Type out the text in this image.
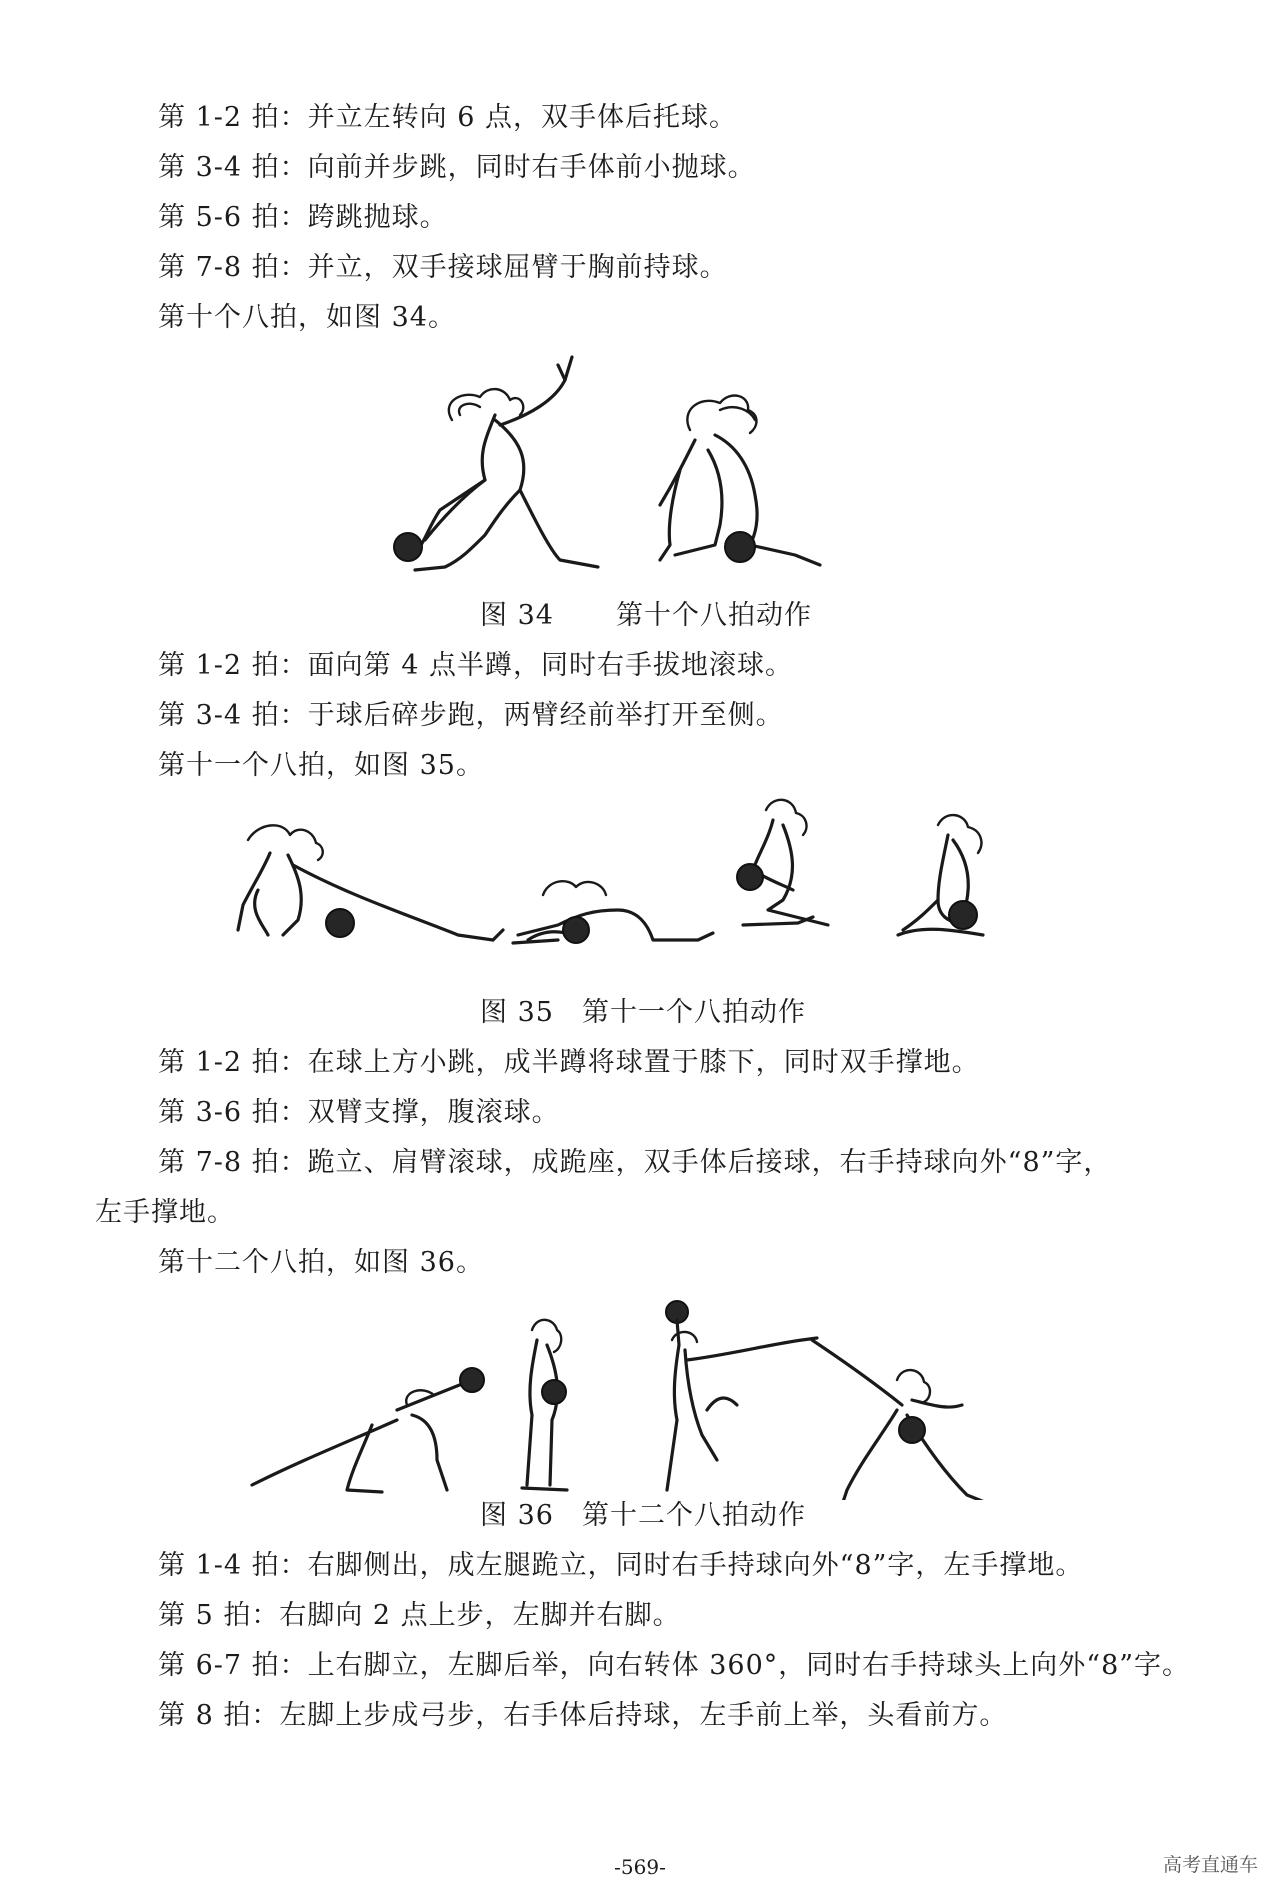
第 1-2 拍：并立左转向 6 点，双手体后托球。
第 3-4 拍：向前并步跳，同时右手体前小抛球。
第 5-6 拍：跨跳抛球。
第 7-8 拍：并立，双手接球屈臂于胸前持球。
第十个八拍，如图 34。
图 34 第十个八拍动作
第 1-2 拍：面向第 4 点半蹲，同时右手拔地滚球。
第 3-4 拍：于球后碎步跑，两臂经前举打开至侧。
第十一个八拍，如图 35。
图 35 第十一个八拍动作
第 1-2 拍：在球上方小跳，成半蹲将球置于膝下，同时双手撑地。
第 3-6 拍：双臂支撑，腹滚球。
第 7-8 拍：跪立、肩臂滚球，成跪座，双手体后接球，右手持球向外“8”字，
左手撑地。
第十二个八拍，如图 36。
图 36 第十二个八拍动作
第 1-4 拍：右脚侧出，成左腿跪立，同时右手持球向外“8”字，左手撑地。
第 5 拍：右脚向 2 点上步，左脚并右脚。
第 6-7 拍：上右脚立，左脚后举，向右转体 360°，同时右手持球头上向外“8”字。
第 8 拍：左脚上步成弓步，右手体后持球，左手前上举，头看前方。
-569-	高考直通车
